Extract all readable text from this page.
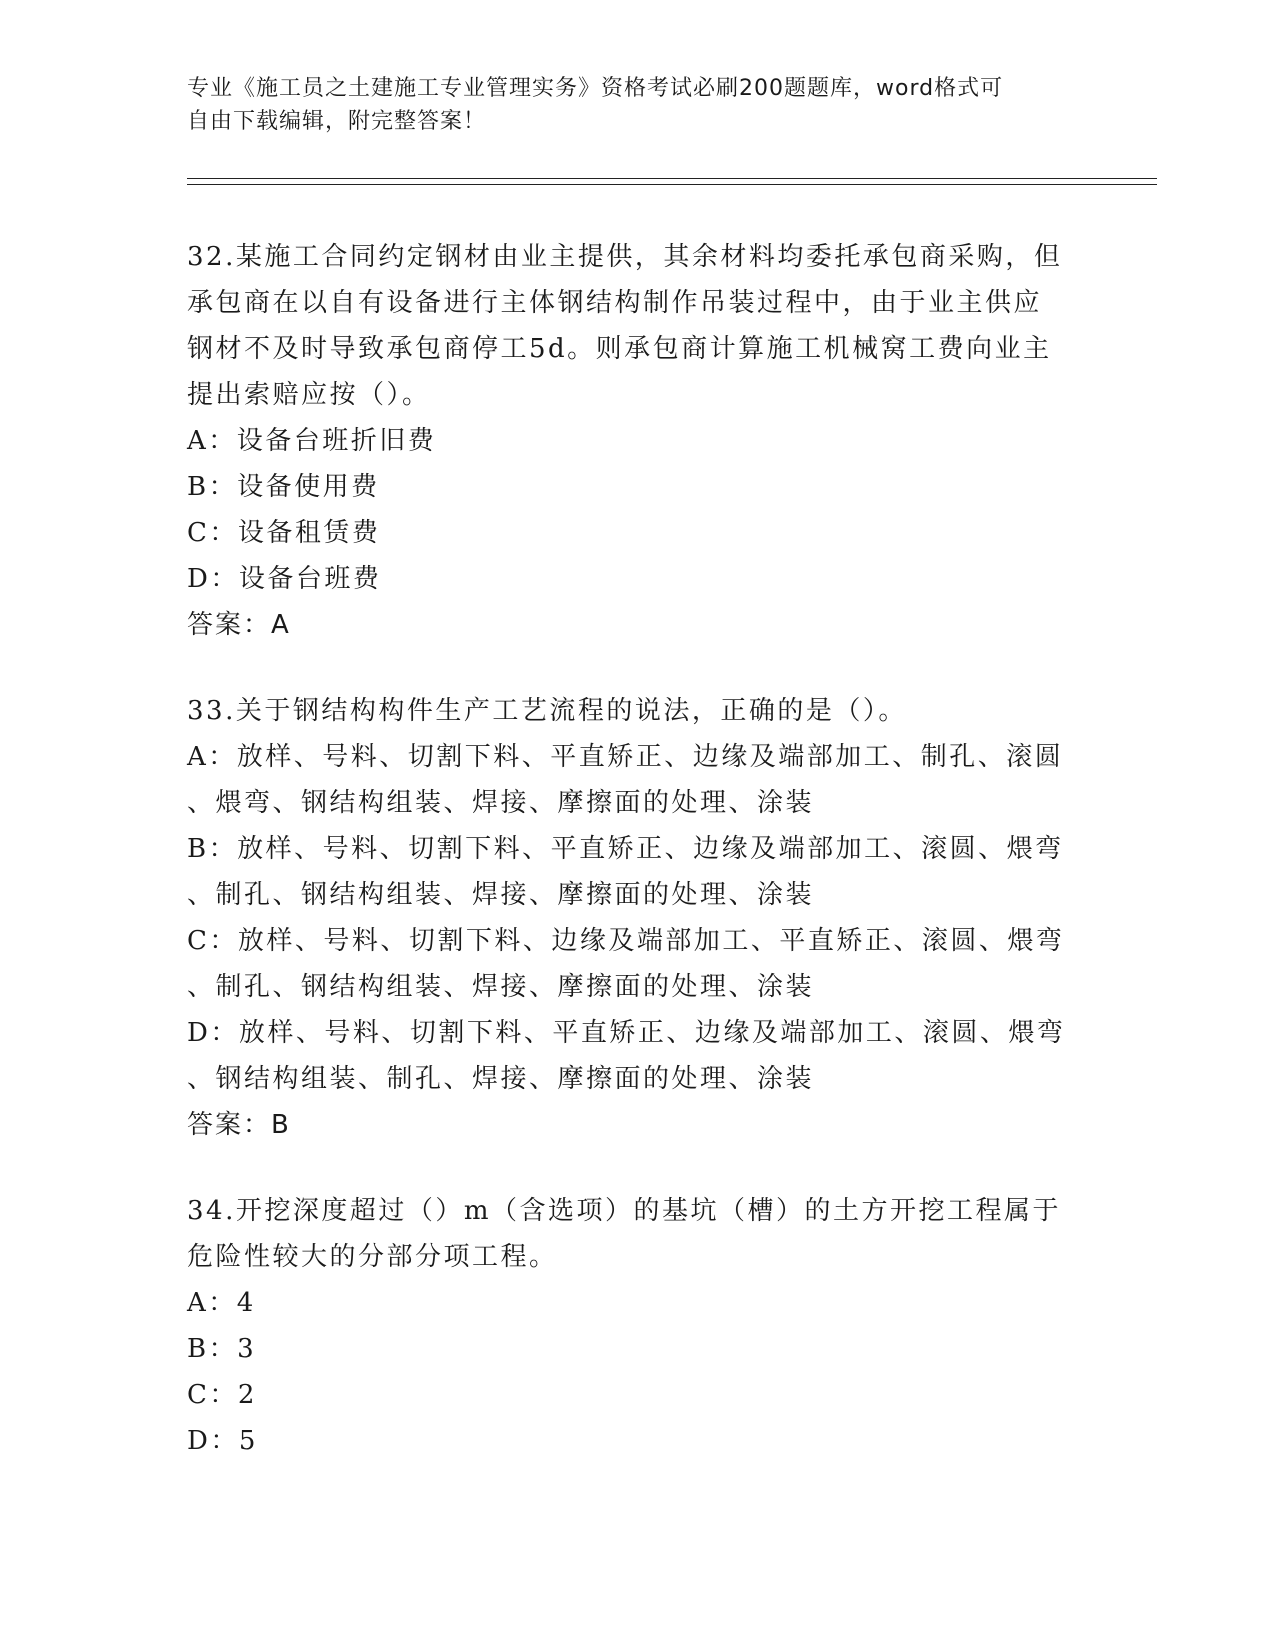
专业《施工员之土建施工专业管理实务》资格考试必刷200题题库，word格式可
自由下载编辑，附完整答案！
32.某施工合同约定钢材由业主提供，其余材料均委托承包商采购，但
承包商在以自有设备进行主体钢结构制作吊装过程中，由于业主供应
钢材不及时导致承包商停工5d。则承包商计算施工机械窝工费向业主
提出索赔应按（）。
A：设备台班折旧费
B：设备使用费
C：设备租赁费
D：设备台班费
答案：A
33.关于钢结构构件生产工艺流程的说法，正确的是（）。
A：放样、号料、切割下料、平直矫正、边缘及端部加工、制孔、滚圆
、煨弯、钢结构组装、焊接、摩擦面的处理、涂装
B：放样、号料、切割下料、平直矫正、边缘及端部加工、滚圆、煨弯
、制孔、钢结构组装、焊接、摩擦面的处理、涂装
C：放样、号料、切割下料、边缘及端部加工、平直矫正、滚圆、煨弯
、制孔、钢结构组装、焊接、摩擦面的处理、涂装
D：放样、号料、切割下料、平直矫正、边缘及端部加工、滚圆、煨弯
、钢结构组装、制孔、焊接、摩擦面的处理、涂装
答案：B
34.开挖深度超过（）m（含选项）的基坑（槽）的土方开挖工程属于
危险性较大的分部分项工程。
A：4
B：3
C：2
D：5
